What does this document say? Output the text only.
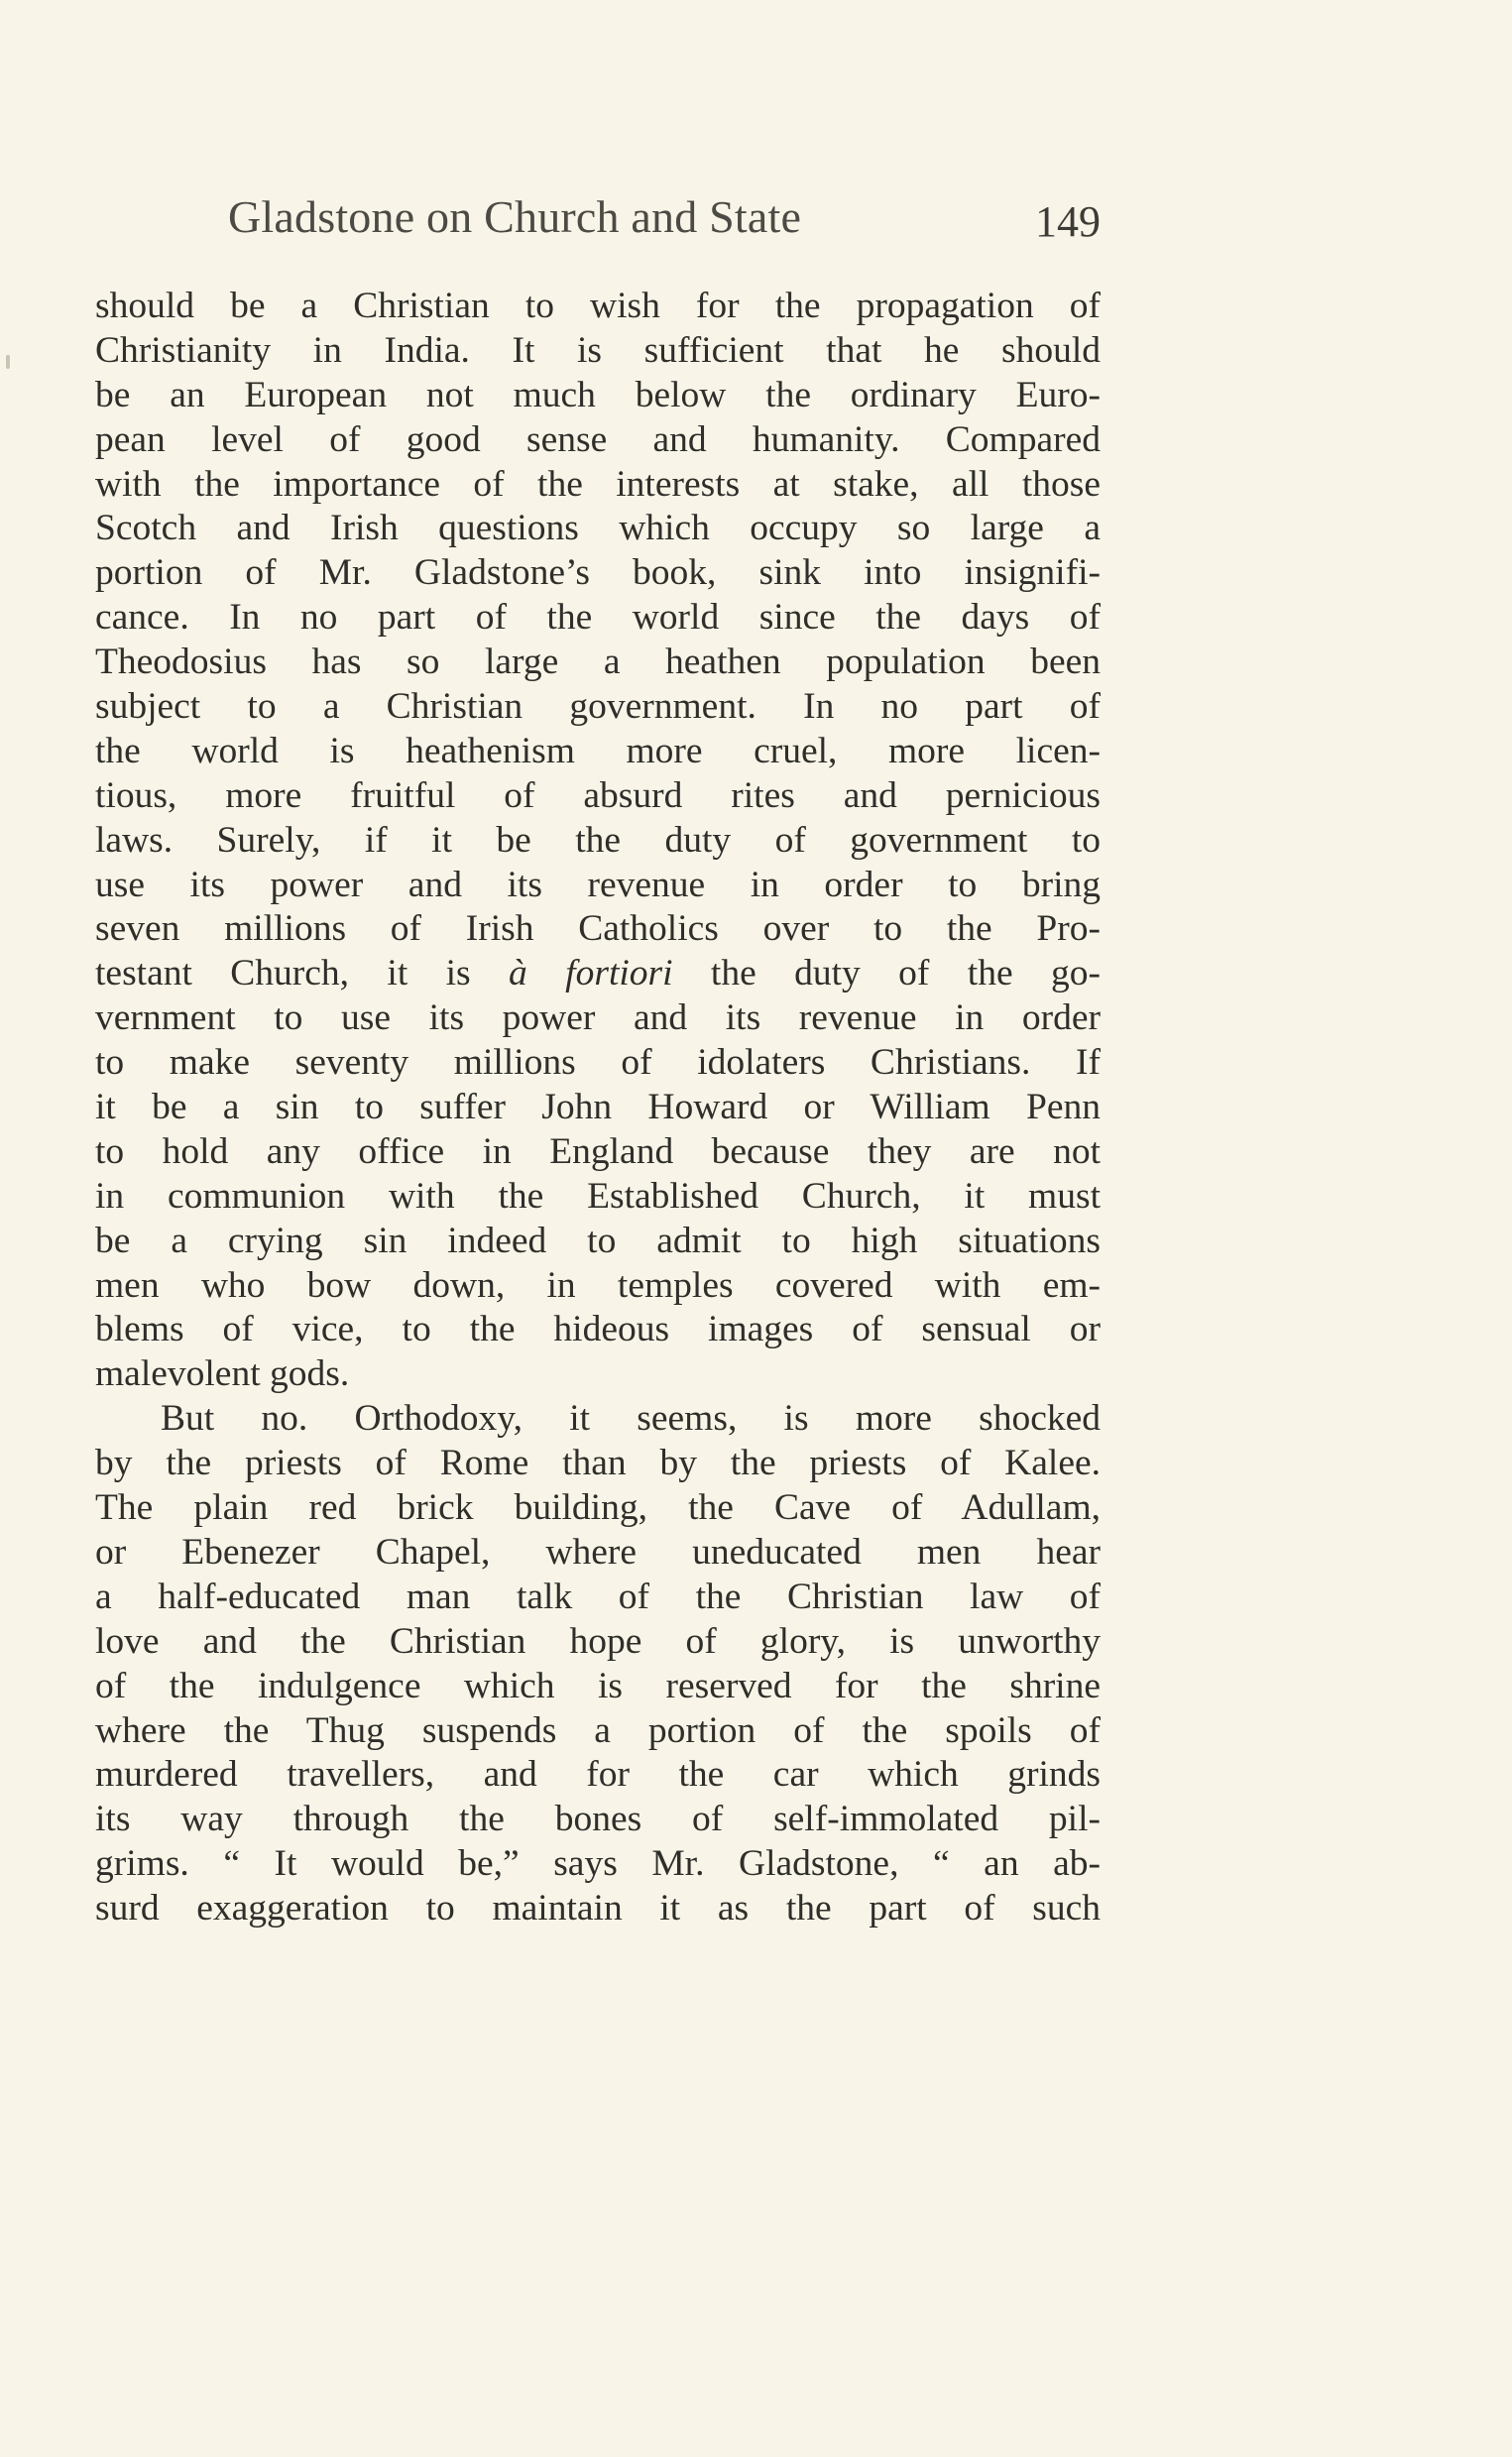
Gladstone on Church and State	149
should be a Christian to wish for the propagation of
Christianity in India. It is sufficient that he should
be an European not much below the ordinary Euro-
pean level of good sense and humanity. Compared
with the importance of the interests at stake, all those
Scotch and Irish questions which occupy so large a
portion of Mr. Gladstone’s book, sink into insignifi-
cance. In no part of the world since the days of
Theodosius has so large a heathen population been
subject to a Christian government. In no part of
the world is heathenism more cruel, more licen-
tious, more fruitful of absurd rites and pernicious
laws. Surely, if it be the duty of government to
use its power and its revenue in order to bring
seven millions of Irish Catholics over to the Pro-
testant Church, it is à fortiori the duty of the go-
vernment to use its power and its revenue in order
to make seventy millions of idolaters Christians. If
it be a sin to suffer John Howard or William Penn
to hold any office in England because they are not
in communion with the Established Church, it must
be a crying sin indeed to admit to high situations
men who bow down, in temples covered with em-
blems of vice, to the hideous images of sensual or
malevolent gods.
But no. Orthodoxy, it seems, is more shocked
by the priests of Rome than by the priests of Kalee.
The plain red brick building, the Cave of Adullam,
or Ebenezer Chapel, where uneducated men hear
a half-educated man talk of the Christian law of
love and the Christian hope of glory, is unworthy
of the indulgence which is reserved for the shrine
where the Thug suspends a portion of the spoils of
murdered travellers, and for the car which grinds
its way through the bones of self-immolated pil-
grims. “ It would be,” says Mr. Gladstone, “ an ab-
surd exaggeration to maintain it as the part of such
